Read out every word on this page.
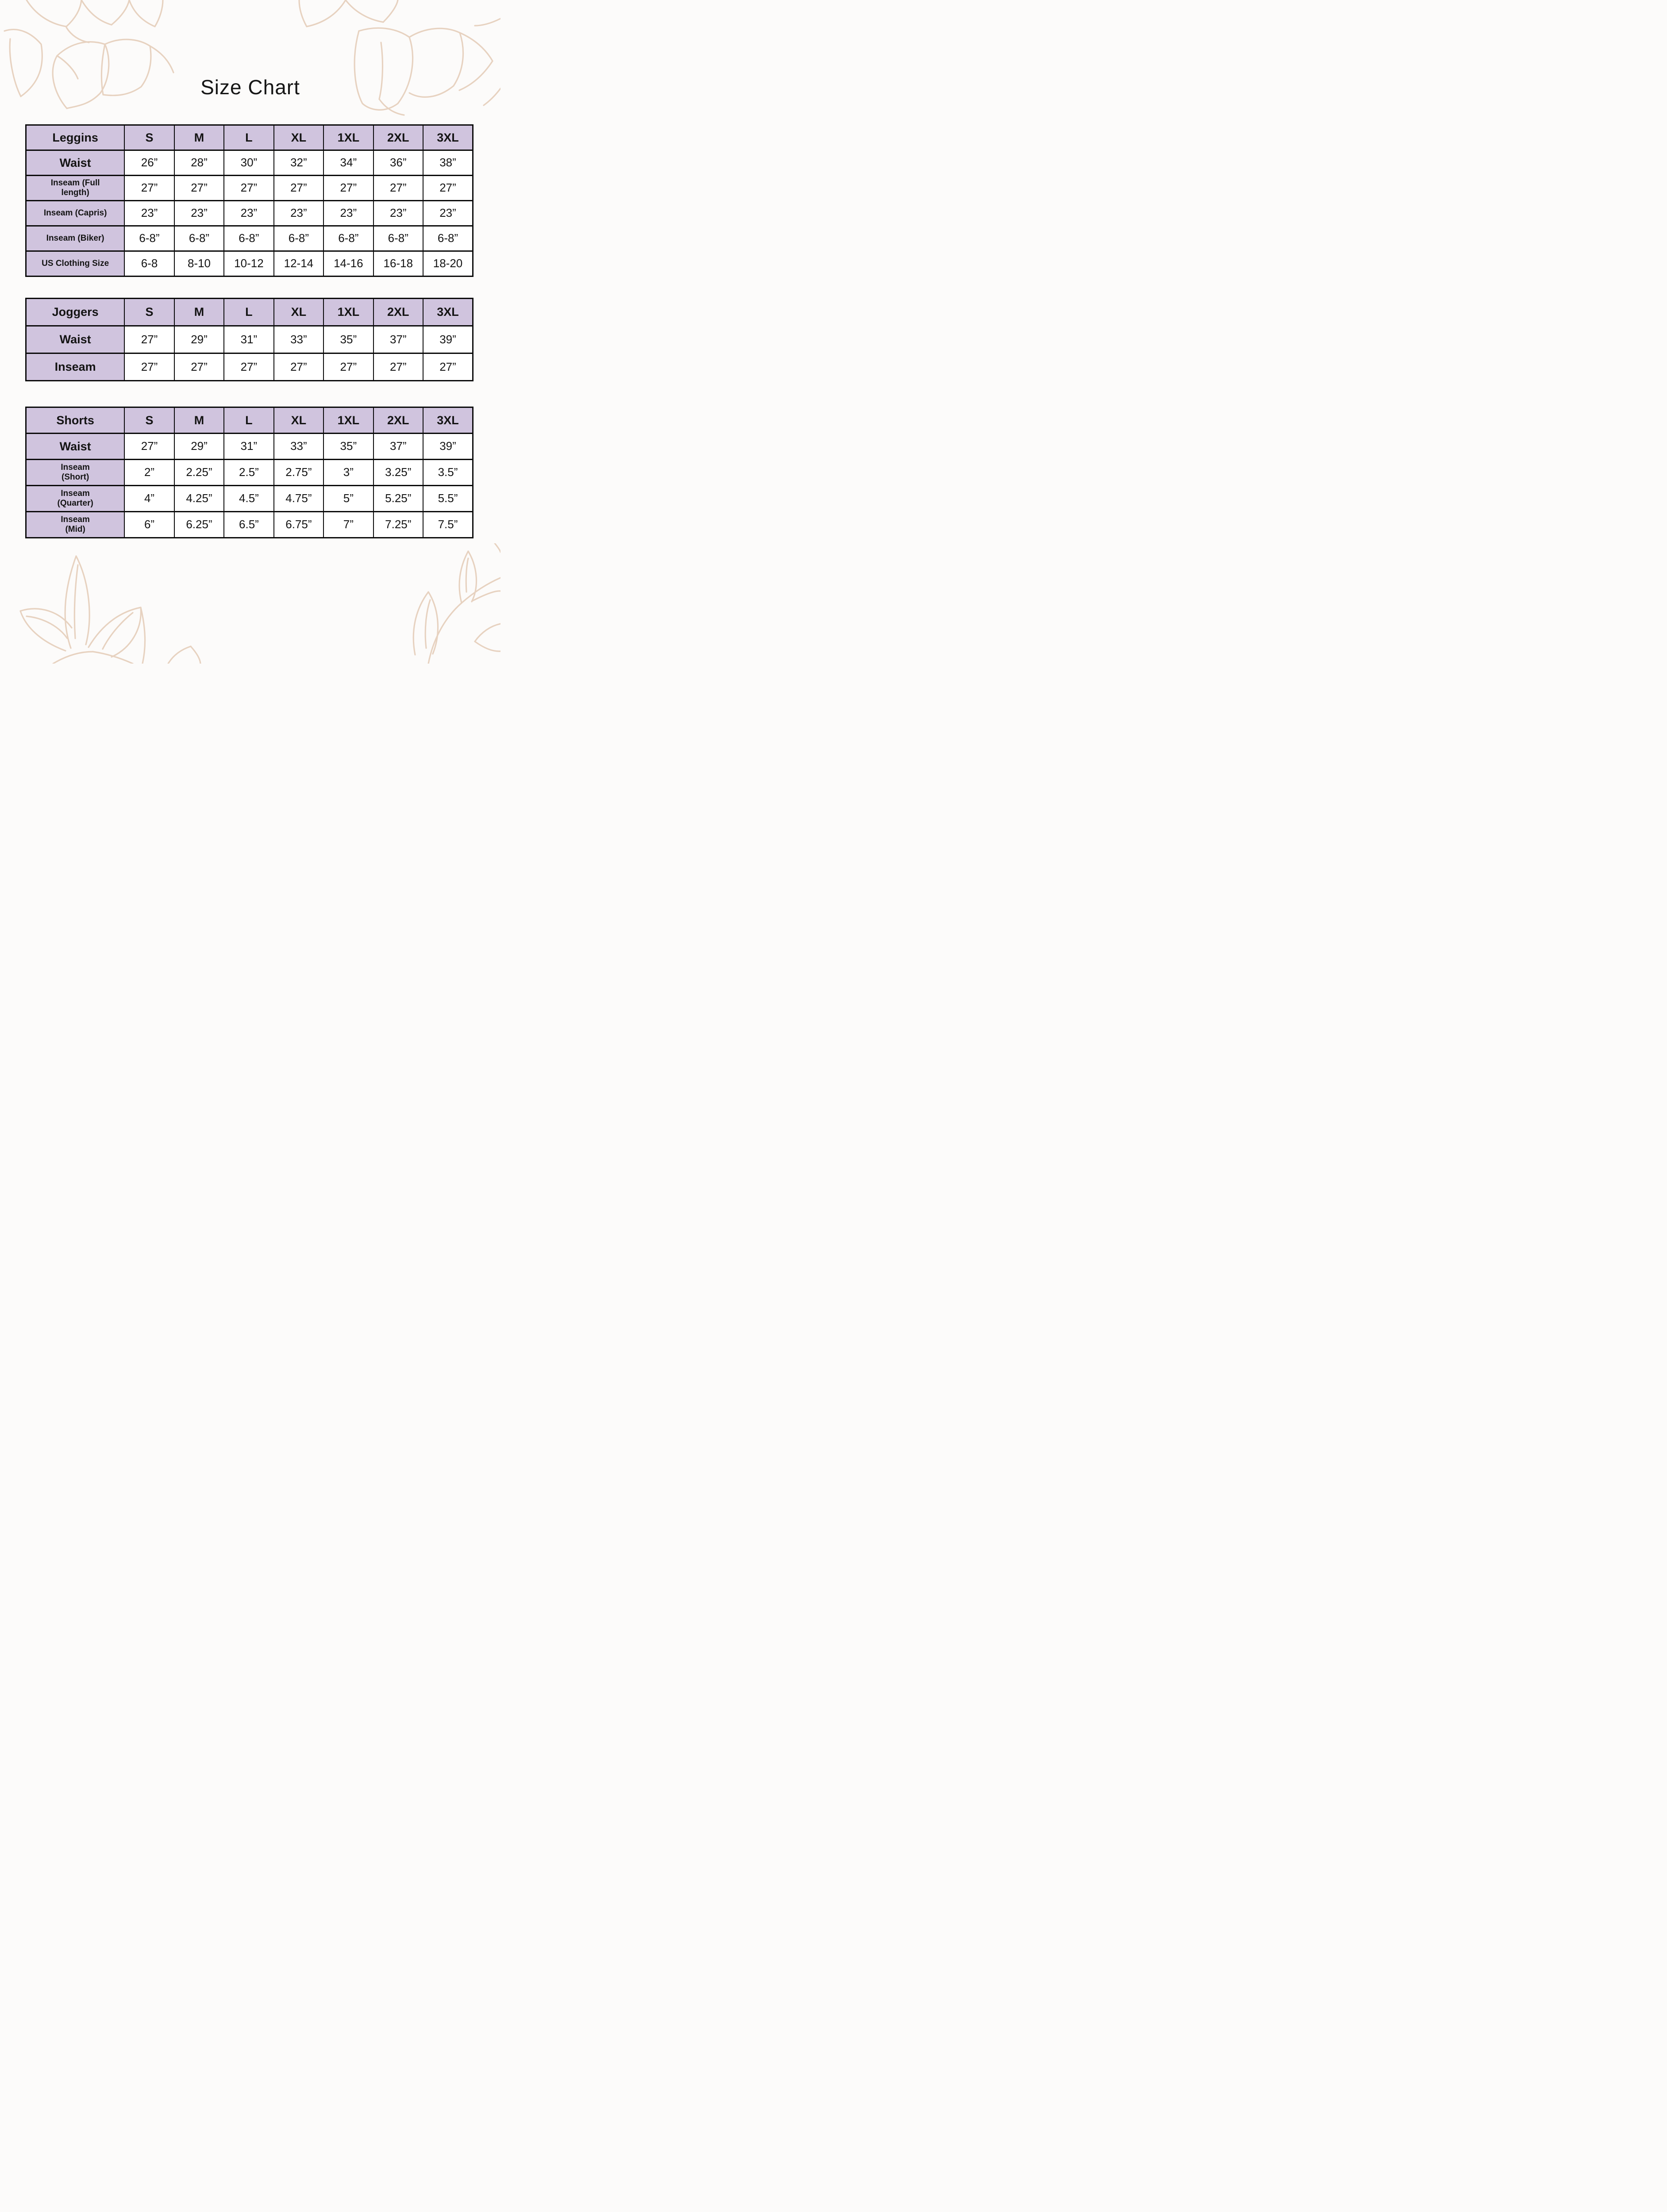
Size Chart
Leggins	S	M	L	XL	1XL	2XL	3XL
Waist	26”	28”	30”	32”	34”	36”	38”
Inseam (Full
length)	27”	27”	27”	27”	27”	27”	27”
Inseam (Capris)	23”	23”	23”	23”	23”	23”	23”
Inseam (Biker)	6-8”	6-8”	6-8”	6-8”	6-8”	6-8”	6-8”
US Clothing Size	6-8	8-10	10-12	12-14	14-16	16-18	18-20
Joggers	S	M	L	XL	1XL	2XL	3XL
Waist	27”	29”	31”	33”	35”	37”	39”
Inseam	27”	27”	27”	27”	27”	27”	27”
Shorts	S	M	L	XL	1XL	2XL	3XL
Waist	27”	29”	31”	33”	35”	37”	39”
Inseam
(Short)	2”	2.25”	2.5”	2.75”	3”	3.25”	3.5”
Inseam
(Quarter)	4”	4.25”	4.5”	4.75”	5”	5.25”	5.5”
Inseam
(Mid)	6”	6.25”	6.5”	6.75”	7”	7.25”	7.5”
